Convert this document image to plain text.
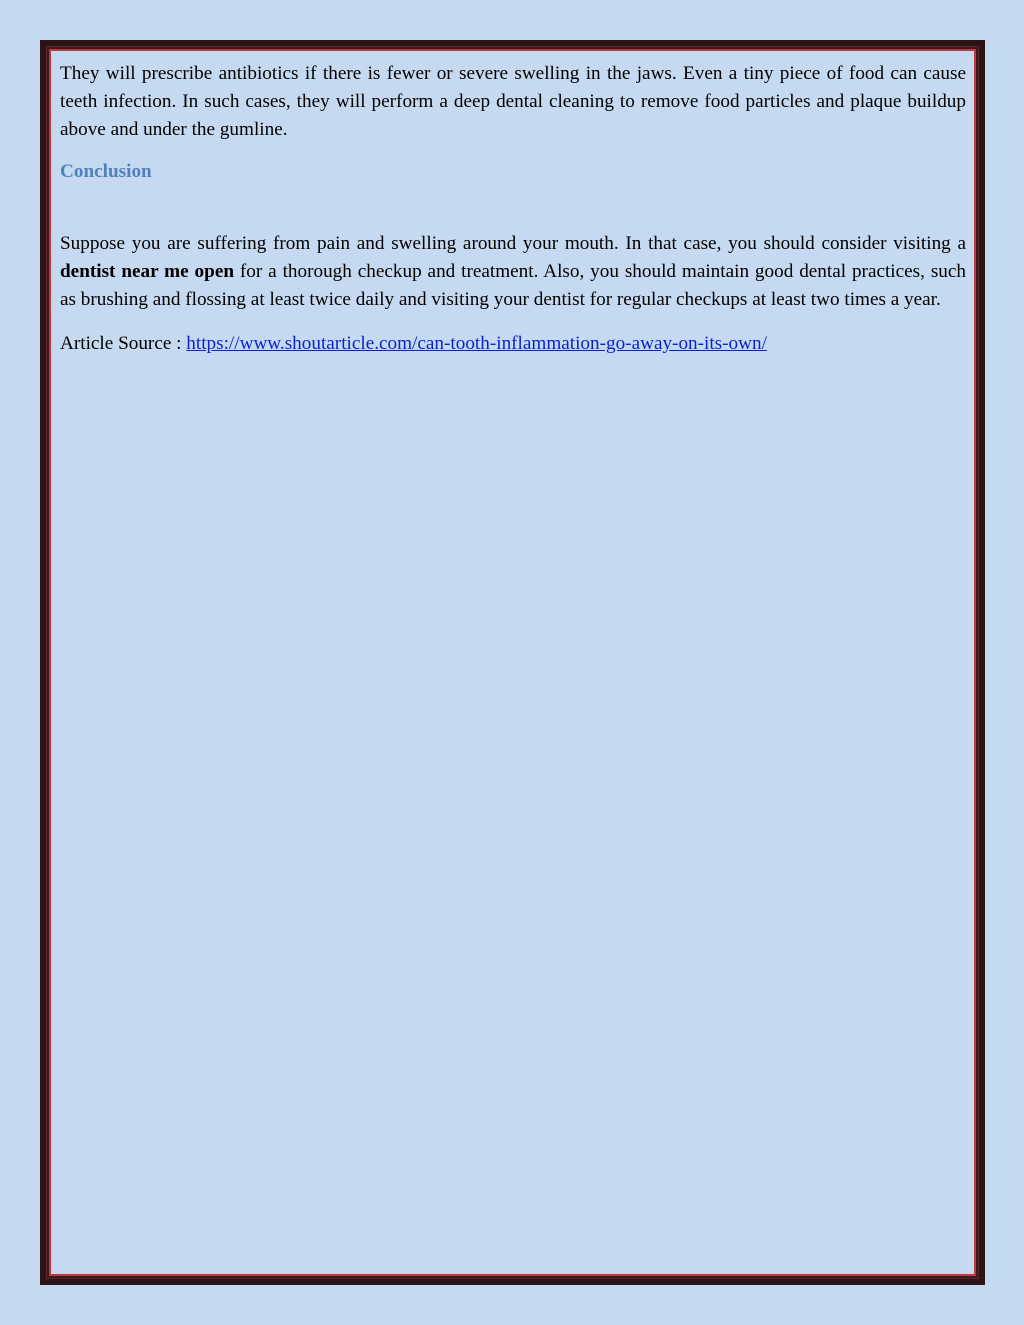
They will prescribe antibiotics if there is fewer or severe swelling in the jaws. Even a tiny piece of food can cause teeth infection. In such cases, they will perform a deep dental cleaning to remove food particles and plaque buildup above and under the gumline.

Conclusion

Suppose you are suffering from pain and swelling around your mouth. In that case, you should consider visiting a dentist near me open for a thorough checkup and treatment. Also, you should maintain good dental practices, such as brushing and flossing at least twice daily and visiting your dentist for regular checkups at least two times a year.

Article Source : https://www.shoutarticle.com/can-tooth-inflammation-go-away-on-its-own/
